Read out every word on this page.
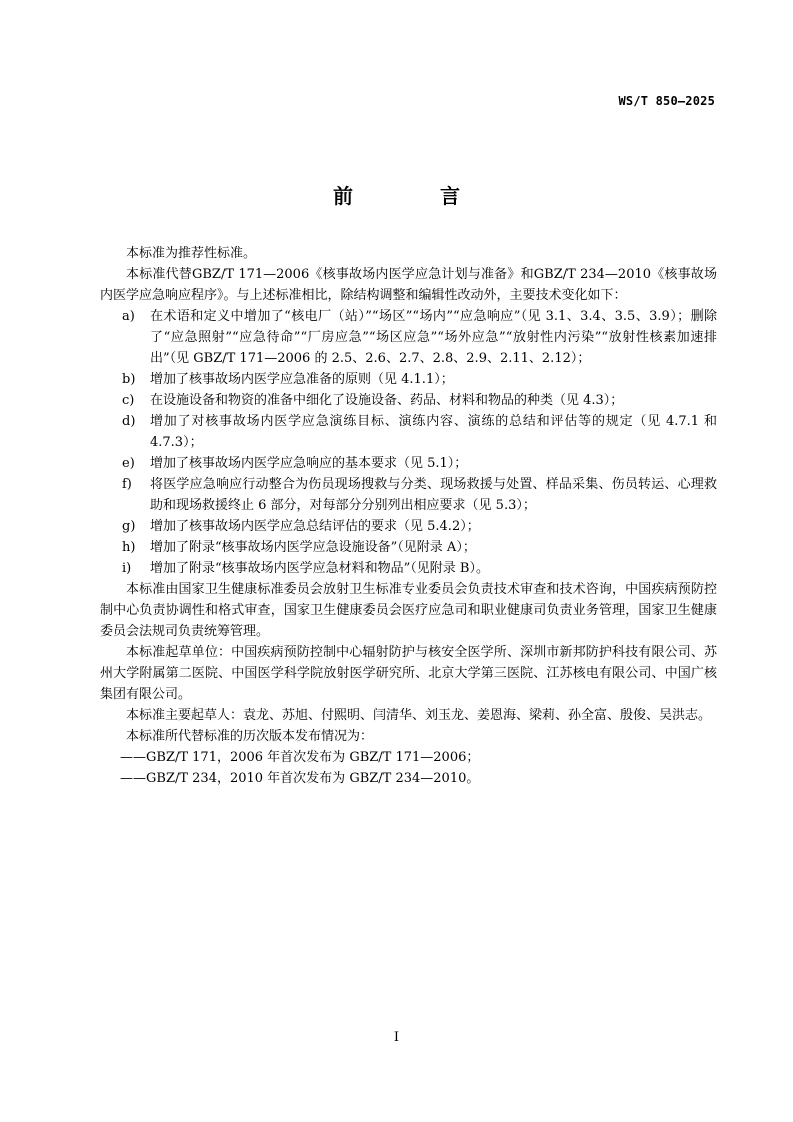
WS/T 850—2025
前 言

本标准为推荐性标准。

本标准代替GBZ/T 171—2006《核事故场内医学应急计划与准备》和GBZ/T 234—2010《核事故场内医学应急响应程序》。与上述标准相比，除结构调整和编辑性改动外，主要技术变化如下：

a) 在术语和定义中增加了“核电厂（站）”“场区”“场内”“应急响应”（见 3.1、3.4、3.5、3.9）；删除了“应急照射”“应急待命”“厂房应急”“场区应急”“场外应急”“放射性内污染”“放射性核素加速排出”（见 GBZ/T 171—2006 的 2.5、2.6、2.7、2.8、2.9、2.11、2.12）；
b) 增加了核事故场内医学应急准备的原则（见 4.1.1）；
c) 在设施设备和物资的准备中细化了设施设备、药品、材料和物品的种类（见 4.3）；
d) 增加了对核事故场内医学应急演练目标、演练内容、演练的总结和评估等的规定（见 4.7.1 和 4.7.3）；
e) 增加了核事故场内医学应急响应的基本要求（见 5.1）；
f) 将医学应急响应行动整合为伤员现场搜救与分类、现场救援与处置、样品采集、伤员转运、心理救助和现场救援终止 6 部分，对每部分分别列出相应要求（见 5.3）；
g) 增加了核事故场内医学应急总结评估的要求（见 5.4.2）；
h) 增加了附录“核事故场内医学应急设施设备”（见附录 A）；
i) 增加了附录“核事故场内医学应急材料和物品”（见附录 B）。

本标准由国家卫生健康标准委员会放射卫生标准专业委员会负责技术审查和技术咨询，中国疾病预防控制中心负责协调性和格式审查，国家卫生健康委员会医疗应急司和职业健康司负责业务管理，国家卫生健康委员会法规司负责统筹管理。

本标准起草单位：中国疾病预防控制中心辐射防护与核安全医学所、深圳市新邦防护科技有限公司、苏州大学附属第二医院、中国医学科学院放射医学研究所、北京大学第三医院、江苏核电有限公司、中国广核集团有限公司。

本标准主要起草人：袁龙、苏旭、付熙明、闫清华、刘玉龙、姜恩海、梁莉、孙全富、殷俊、吴洪志。

本标准所代替标准的历次版本发布情况为：

——GBZ/T 171，2006 年首次发布为 GBZ/T 171—2006；

——GBZ/T 234，2010 年首次发布为 GBZ/T 234—2010。

I
